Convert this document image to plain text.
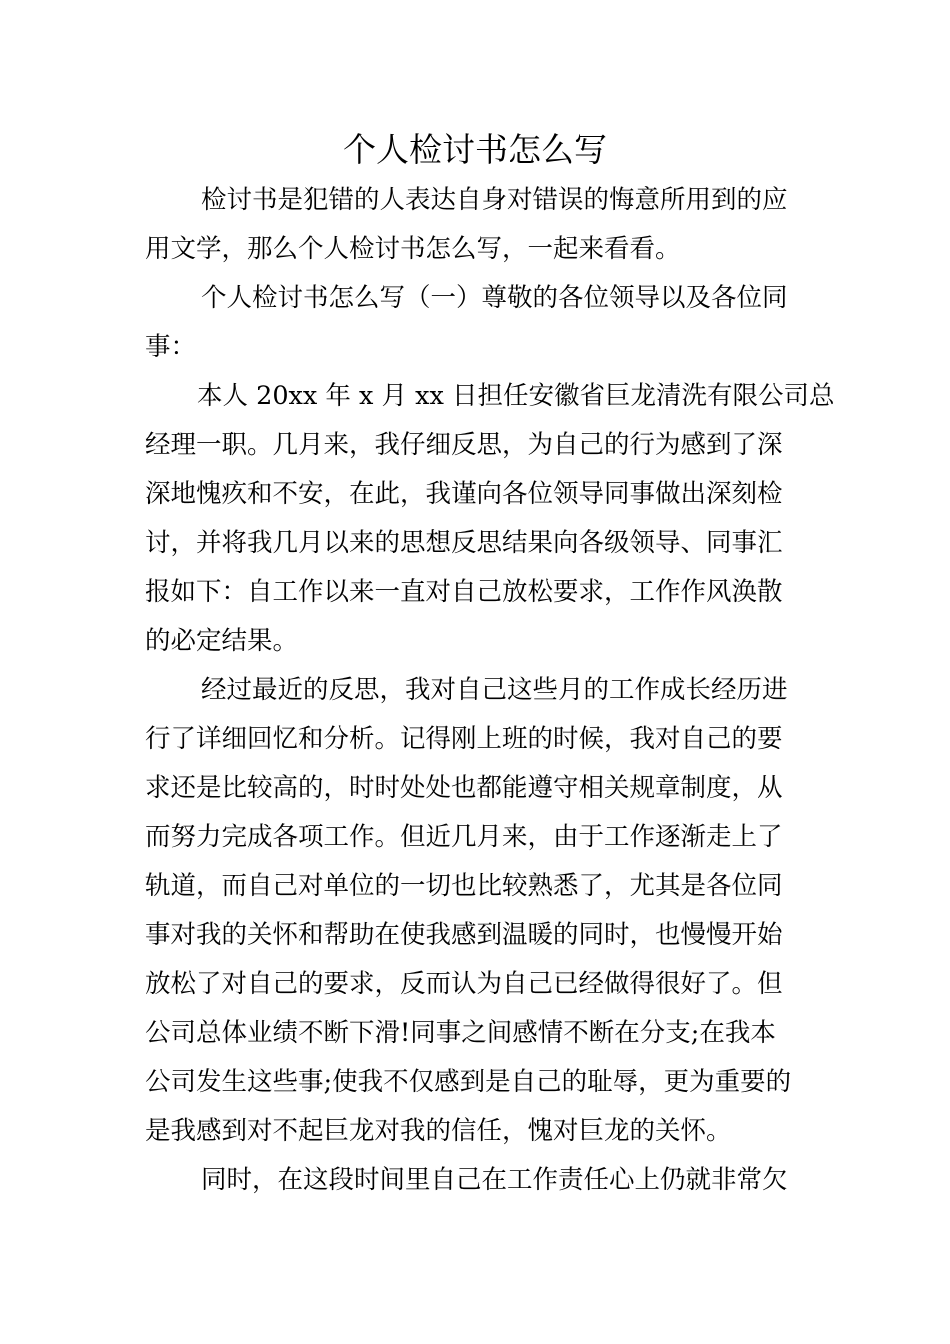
个人检讨书怎么写
检讨书是犯错的人表达自身对错误的悔意所用到的应
用文学，那么个人检讨书怎么写，一起来看看。
个人检讨书怎么写（一）尊敬的各位领导以及各位同
事：
本人 20xx 年 x 月 xx 日担任安徽省巨龙清洗有限公司总
经理一职。几月来，我仔细反思，为自己的行为感到了深
深地愧疚和不安，在此，我谨向各位领导同事做出深刻检
讨，并将我几月以来的思想反思结果向各级领导、同事汇
报如下：自工作以来一直对自己放松要求，工作作风涣散
的必定结果。
经过最近的反思，我对自己这些月的工作成长经历进
行了详细回忆和分析。记得刚上班的时候，我对自己的要
求还是比较高的，时时处处也都能遵守相关规章制度，从
而努力完成各项工作。但近几月来，由于工作逐渐走上了
轨道，而自己对单位的一切也比较熟悉了，尤其是各位同
事对我的关怀和帮助在使我感到温暖的同时，也慢慢开始
放松了对自己的要求，反而认为自己已经做得很好了。但
公司总体业绩不断下滑!同事之间感情不断在分支;在我本
公司发生这些事;使我不仅感到是自己的耻辱，更为重要的
是我感到对不起巨龙对我的信任，愧对巨龙的关怀。
同时，在这段时间里自己在工作责任心上仍就非常欠
